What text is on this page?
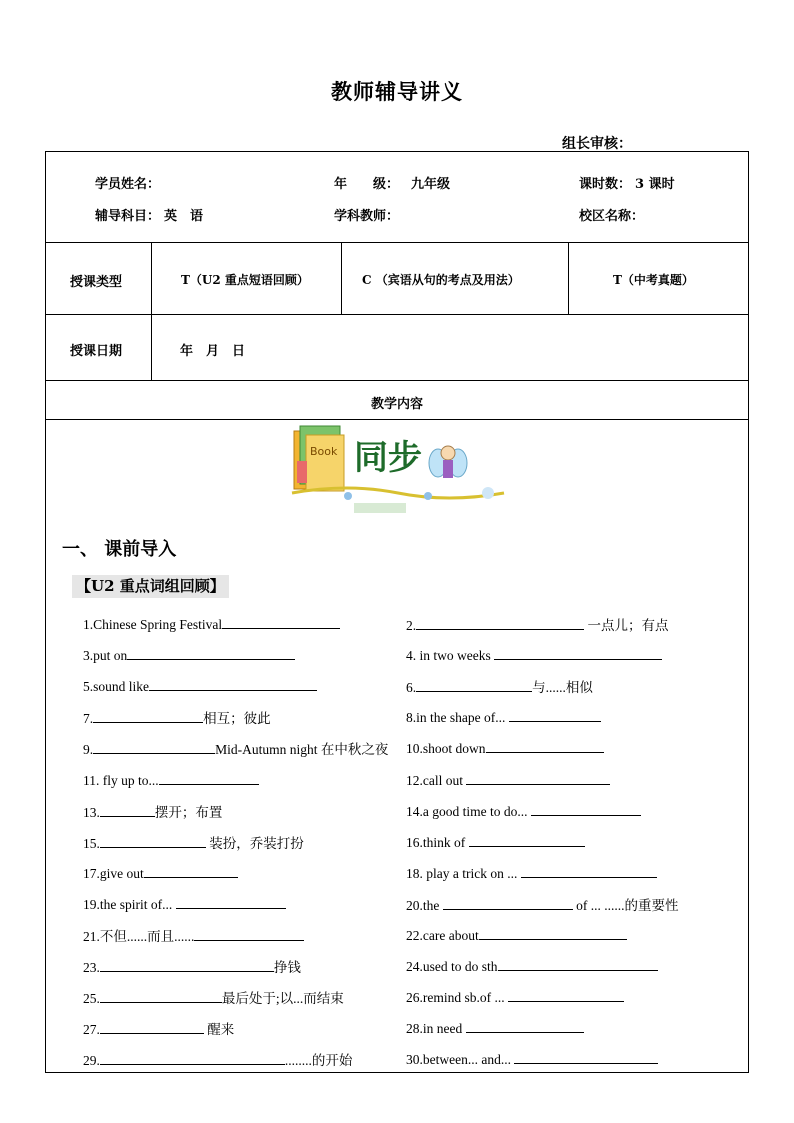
教师辅导讲义
组长审核：
学员姓名：	年　　级： 九年级	课时数： 3 课时
辅导科目： 英　语	学科教师：	校区名称：
授课类型	T（U2 重点短语回顾）	C （宾语从句的考点及用法）	T（中考真题）
授课日期	年　月　日
教学内容
Book 同步
一、 课前导入
【U2 重点词组回顾】
1.Chinese Spring Festival	2.	一点儿；有点
3.put on	4. in two weeks
5.sound like	6.	与......相似
7.	相互；彼此	8.in the shape of...
9.	Mid-Autumn night 在中秋之夜 10.shoot down
11. fly up to...	12.call out
13.	摆开；布置	14.a good time to do...
15.	装扮，乔装打扮	16.think of
17.give out	18. play a trick on ...
19.the spirit of...	20.the	of ... ......的重要性
21.不但......而且......	22.care about
23.	挣钱	24.used to do sth
25.	最后处于;以...而结束	26.remind sb.of ...
27.	醒来	28.in need
29.	........的开始	30.between... and...
